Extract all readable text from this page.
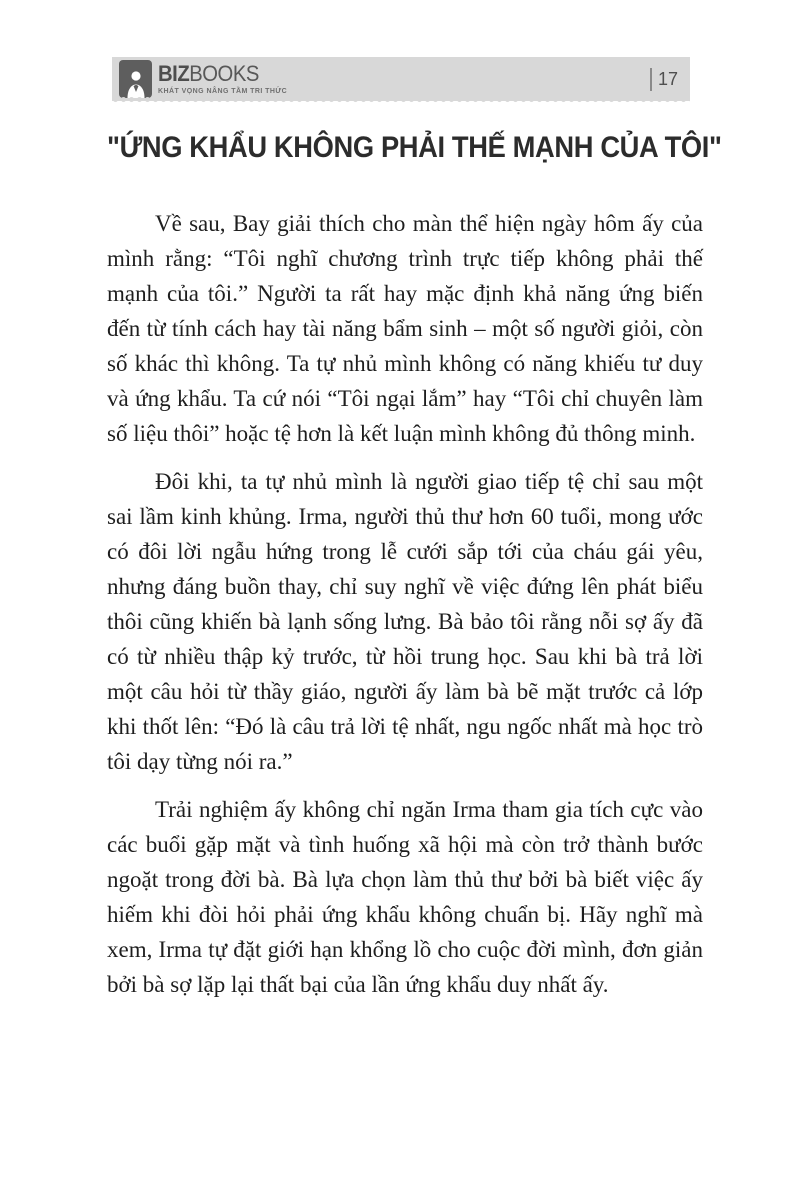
BIZBOOKS
KHÁT VỌNG NÂNG TẦM TRI THỨC
17
"ỨNG KHẨU KHÔNG PHẢI THẾ MẠNH CỦA TÔI"

Về sau, Bay giải thích cho màn thể hiện ngày hôm ấy của mình rằng: “Tôi nghĩ chương trình trực tiếp không phải thế mạnh của tôi.” Người ta rất hay mặc định khả năng ứng biến đến từ tính cách hay tài năng bẩm sinh – một số người giỏi, còn số khác thì không. Ta tự nhủ mình không có năng khiếu tư duy và ứng khẩu. Ta cứ nói “Tôi ngại lắm” hay “Tôi chỉ chuyên làm số liệu thôi” hoặc tệ hơn là kết luận mình không đủ thông minh.

Đôi khi, ta tự nhủ mình là người giao tiếp tệ chỉ sau một sai lầm kinh khủng. Irma, người thủ thư hơn 60 tuổi, mong ước có đôi lời ngẫu hứng trong lễ cưới sắp tới của cháu gái yêu, nhưng đáng buồn thay, chỉ suy nghĩ về việc đứng lên phát biểu thôi cũng khiến bà lạnh sống lưng. Bà bảo tôi rằng nỗi sợ ấy đã có từ nhiều thập kỷ trước, từ hồi trung học. Sau khi bà trả lời một câu hỏi từ thầy giáo, người ấy làm bà bẽ mặt trước cả lớp khi thốt lên: “Đó là câu trả lời tệ nhất, ngu ngốc nhất mà học trò tôi dạy từng nói ra.”

Trải nghiệm ấy không chỉ ngăn Irma tham gia tích cực vào các buổi gặp mặt và tình huống xã hội mà còn trở thành bước ngoặt trong đời bà. Bà lựa chọn làm thủ thư bởi bà biết việc ấy hiếm khi đòi hỏi phải ứng khẩu không chuẩn bị. Hãy nghĩ mà xem, Irma tự đặt giới hạn khổng lồ cho cuộc đời mình, đơn giản bởi bà sợ lặp lại thất bại của lần ứng khẩu duy nhất ấy.
